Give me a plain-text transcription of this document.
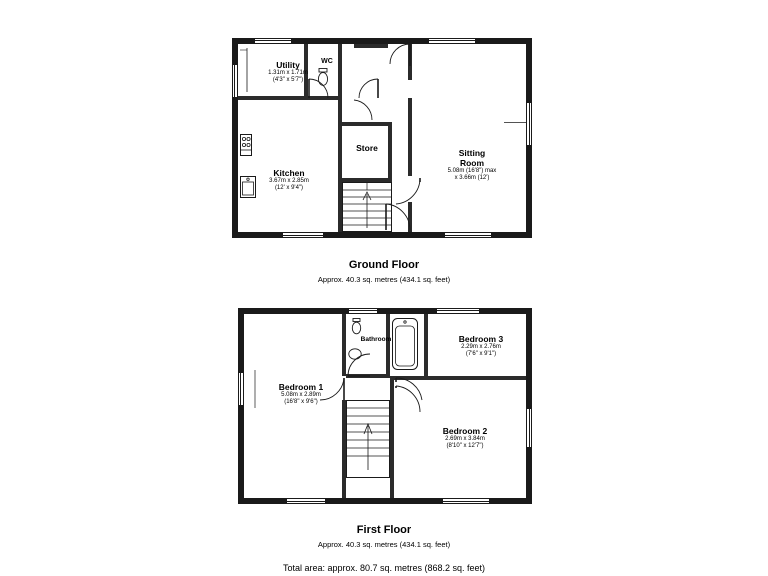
Utility
1.31m x 1.71m
(4'3" x 5'7")
WC
Kitchen
3.67m x 2.85m
(12' x 9'4")
Store	Sitting
Room
5.08m (16'8") max
x 3.66m (12')
Ground Floor
Approx. 40.3 sq. metres (434.1 sq. feet)
Bathroom	Bedroom 3
2.29m x 2.76m
(7'6" x 9'1")
Bedroom 1
5.08m x 2.89m
(16'8" x 9'6")
Bedroom 2
2.69m x 3.84m
(8'10" x 12'7")
First Floor
Approx. 40.3 sq. metres (434.1 sq. feet)
Total area: approx. 80.7 sq. metres (868.2 sq. feet)
